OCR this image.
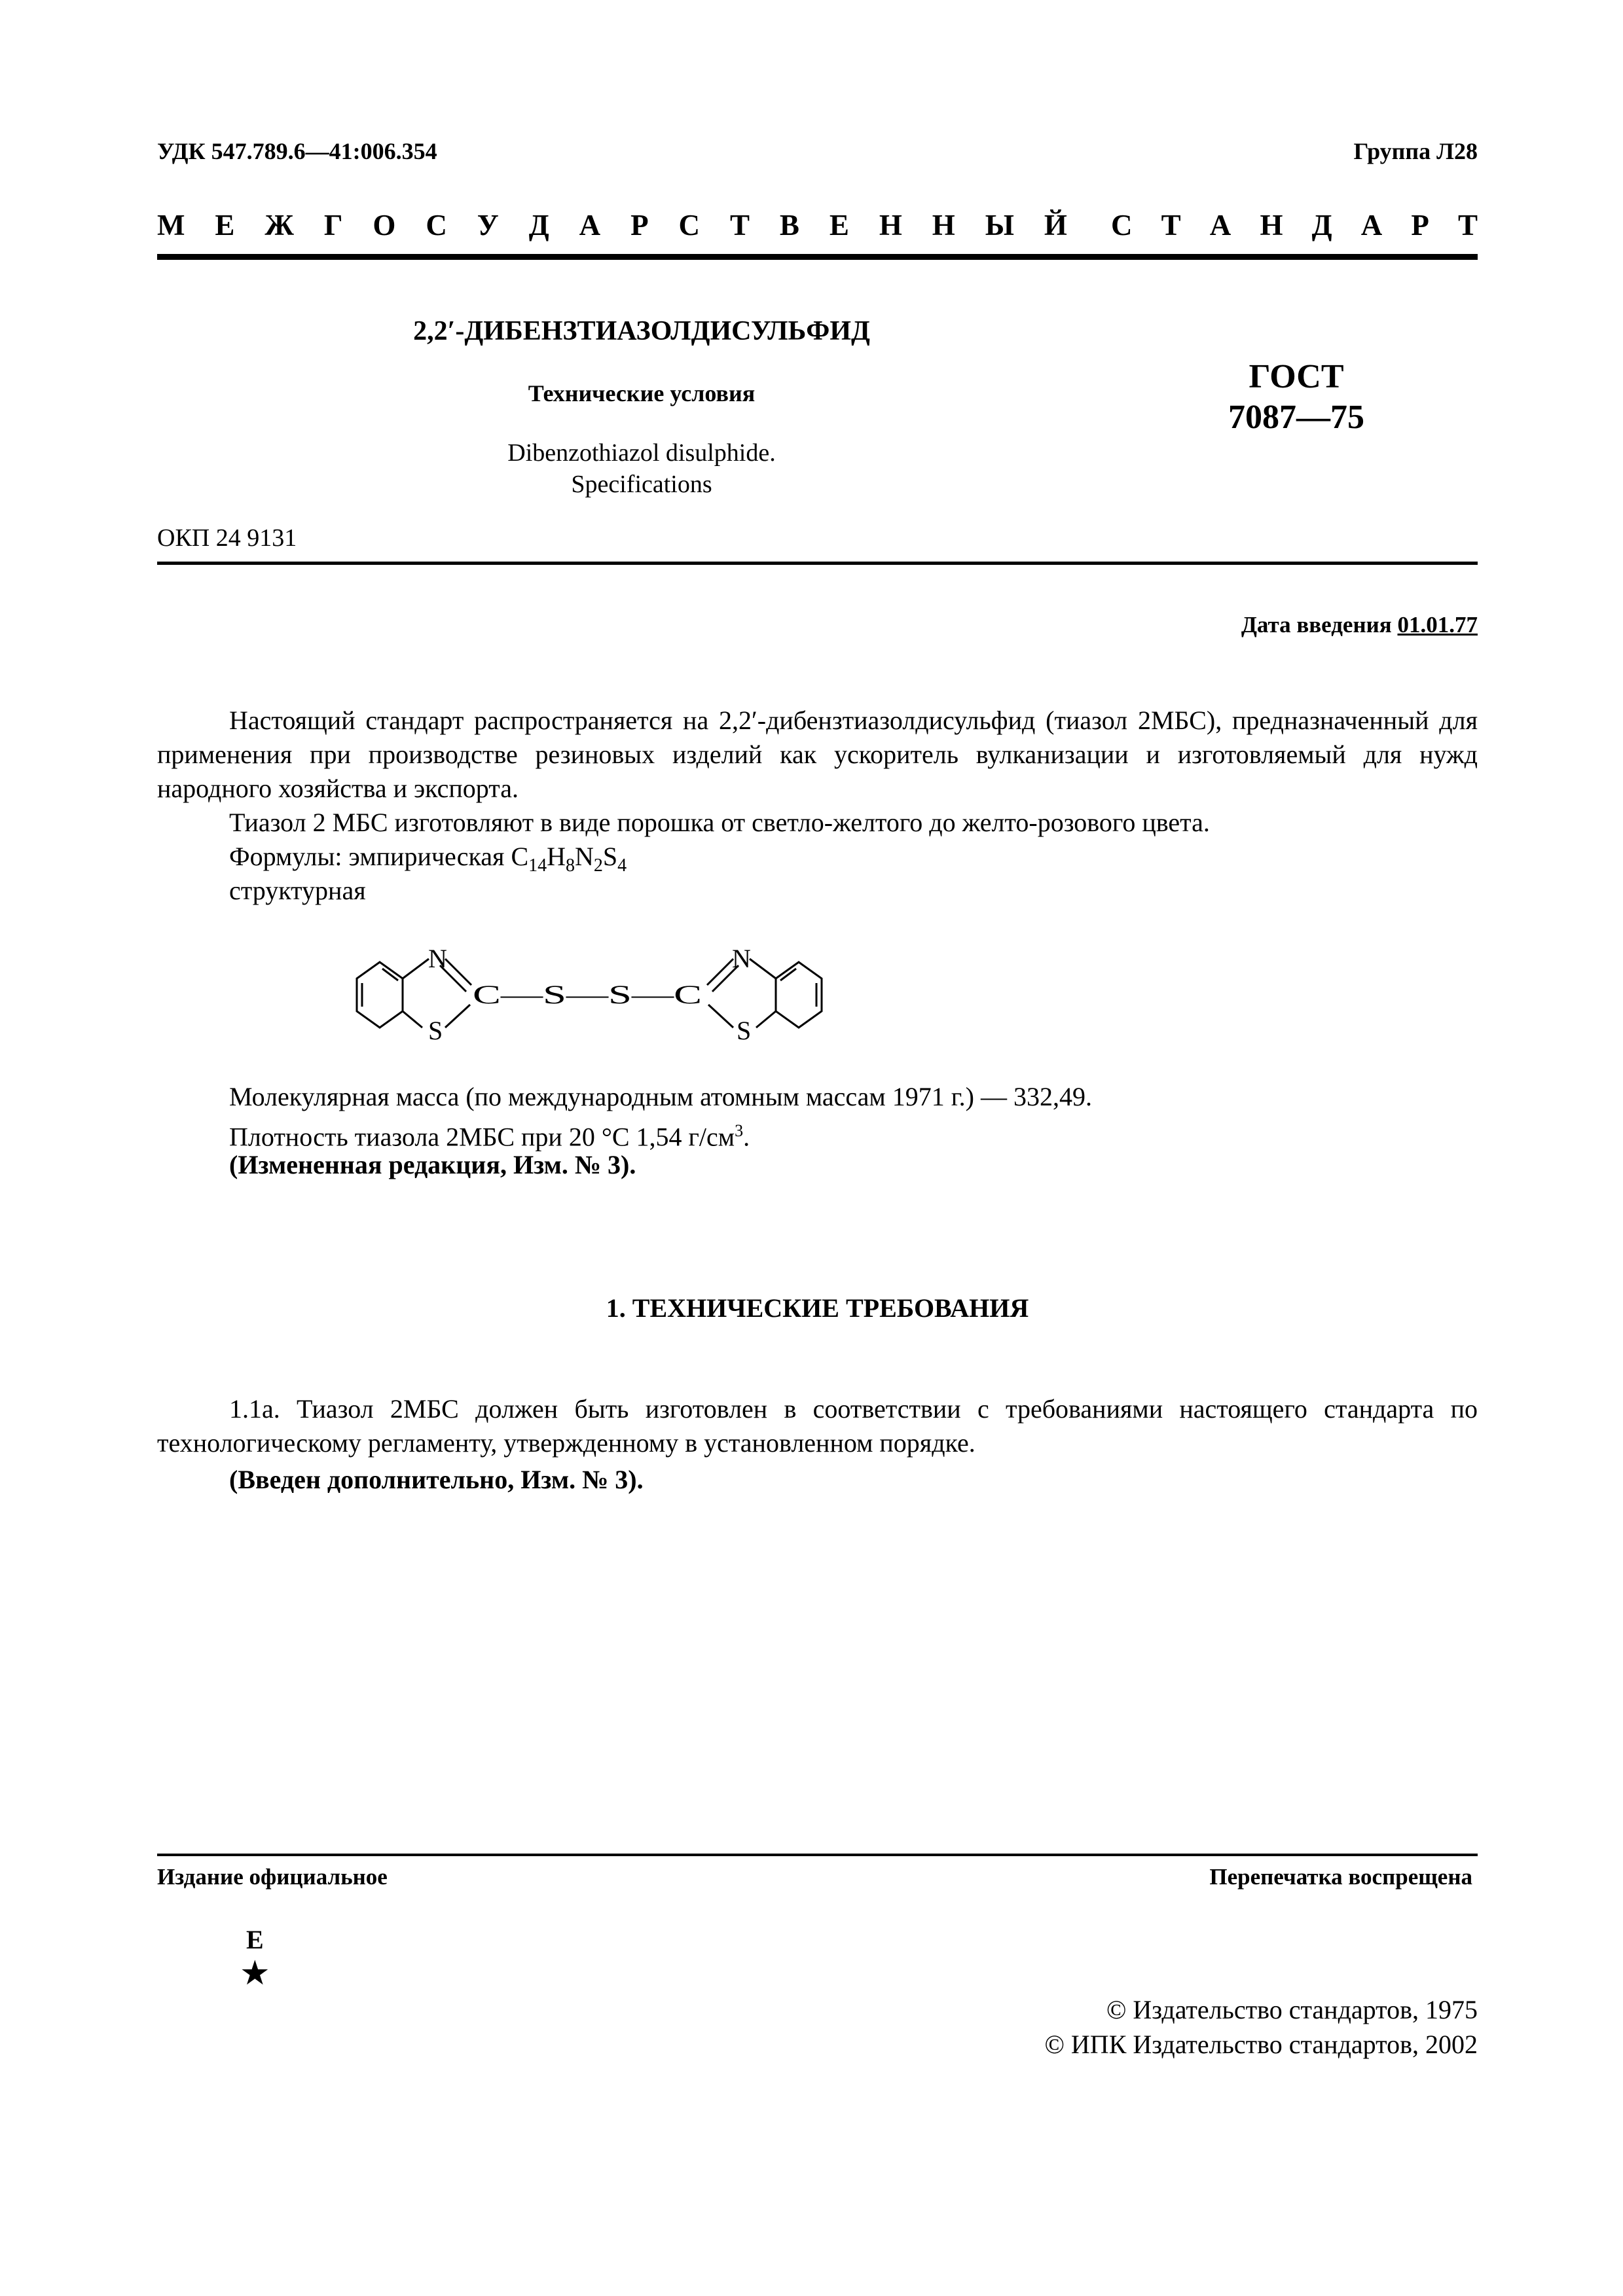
УДК 547.789.6—41:006.354	Группа Л28
М Е Ж Г О С У Д А Р С Т В Е Н Н Ы Й С Т А Н Д А Р Т
2,2′-ДИБЕНЗТИАЗОЛДИСУЛЬФИД
Технические условия
Dibenzothiazol disulphide.
Specifications
ГОСТ
7087—75
ОКП 24 9131
Дата введения 01.01.77
Настоящий стандарт распространяется на 2,2′-дибензтиазолдисульфид (тиазол 2МБС), предназначенный для применения при производстве резиновых изделий как ускоритель вулканизации и изготовляемый для нужд народного хозяйства и экспорта.
Тиазол 2 МБС изготовляют в виде порошка от светло-желтого до желто-розового цвета.
Формулы: эмпирическая $C_{14}H_8N_2S_4$
структурная
N
S
C—S—S—C
N
S
Молекулярная масса (по международным атомным массам 1971 г.) — 332,49.
Плотность тиазола 2МБС при 20 °С 1,54 $г/см^3$.
(Измененная редакция, Изм. № 3).
1. ТЕХНИЧЕСКИЕ ТРЕБОВАНИЯ
1.1а. Тиазол 2МБС должен быть изготовлен в соответствии с требованиями настоящего стандарта по технологическому регламенту, утвержденному в установленном порядке.
(Введен дополнительно, Изм. № 3).
Издание официальное	Перепечатка воспрещена
Е
★
© Издательство стандартов, 1975
© ИПК Издательство стандартов, 2002
